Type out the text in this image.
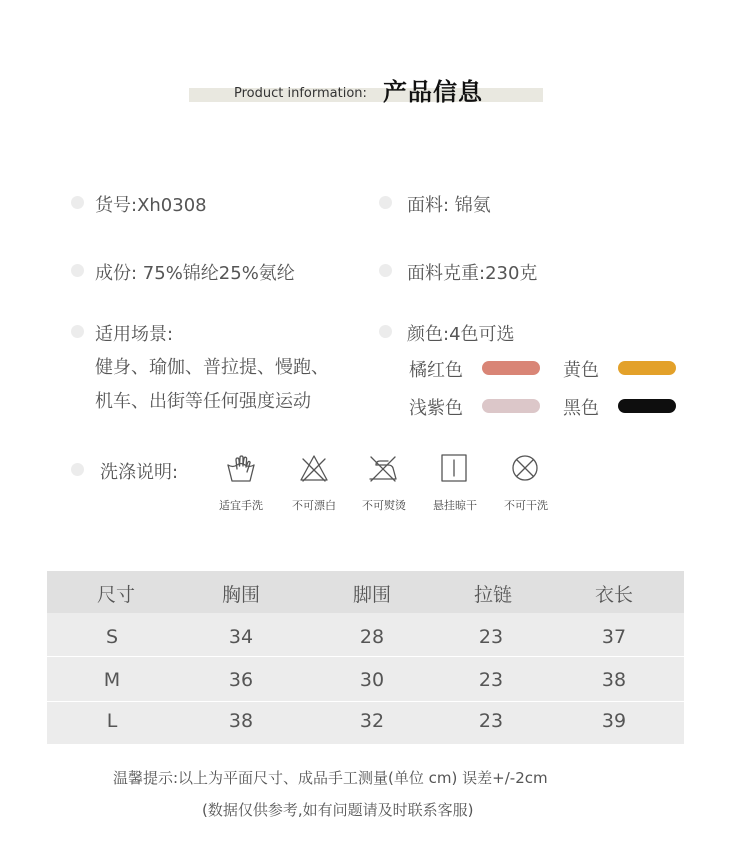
Product information: 产品信息
货号:Xh0308	面料: 锦氨
成份: 75%锦纶25%氨纶	面料克重:230克
适用场景:
健身、瑜伽、普拉提、慢跑、
机车、出街等任何强度运动
颜色:4色可选
橘红色	黄色
浅紫色	黑色
洗涤说明:
适宜手洗	不可漂白	不可熨烫	悬挂晾干	不可干洗
尺寸	胸围	脚围	拉链	衣长
S	34	28	23	37
M	36	30	23	38
L	38	32	23	39
温馨提示:以上为平面尺寸、成品手工测量(单位 cm) 误差+/-2cm
(数据仅供参考,如有问题请及时联系客服)
